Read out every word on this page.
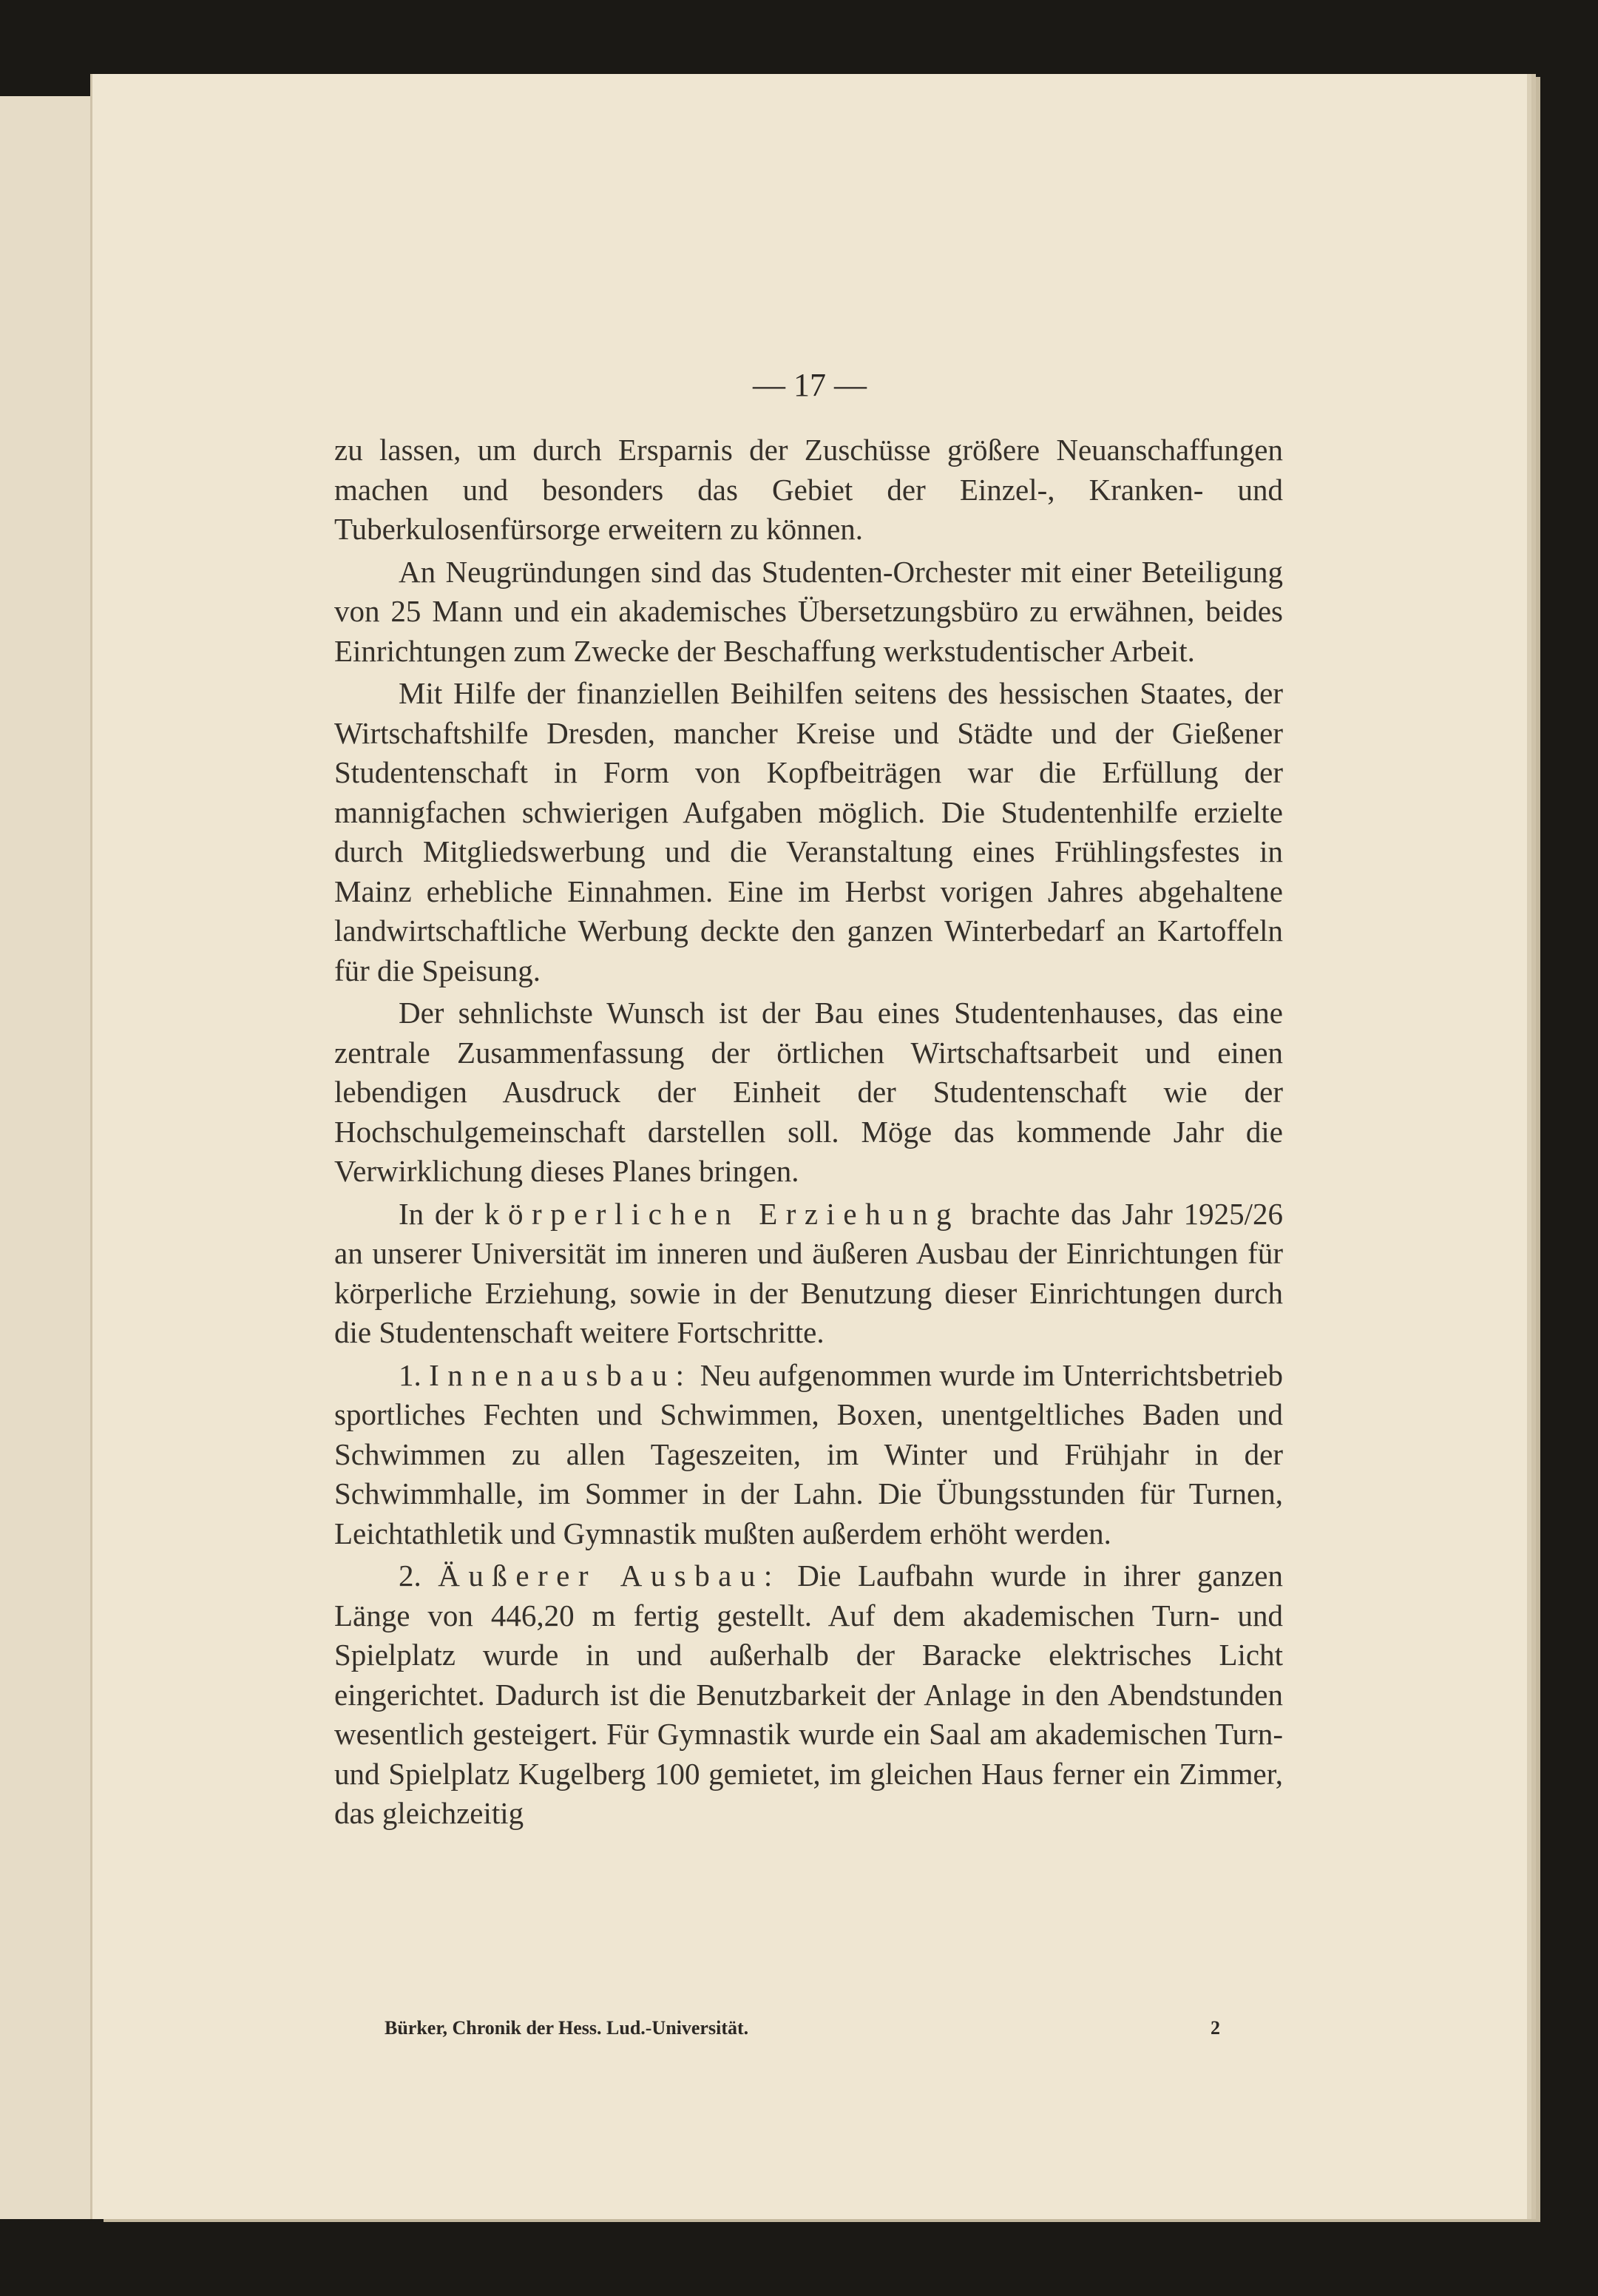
— 17 —

zu lassen, um durch Ersparnis der Zuschüsse größere Neuanschaffungen machen und besonders das Gebiet der Einzel-, Kranken- und Tuberkulosenfürsorge erweitern zu können.

An Neugründungen sind das Studenten-Orchester mit einer Beteiligung von 25 Mann und ein akademisches Übersetzungsbüro zu erwähnen, beides Einrichtungen zum Zwecke der Beschaffung werkstudentischer Arbeit.

Mit Hilfe der finanziellen Beihilfen seitens des hessischen Staates, der Wirtschaftshilfe Dresden, mancher Kreise und Städte und der Gießener Studentenschaft in Form von Kopfbeiträgen war die Erfüllung der mannigfachen schwierigen Aufgaben möglich. Die Studentenhilfe erzielte durch Mitgliedswerbung und die Veranstaltung eines Frühlingsfestes in Mainz erhebliche Einnahmen. Eine im Herbst vorigen Jahres abgehaltene landwirtschaftliche Werbung deckte den ganzen Winterbedarf an Kartoffeln für die Speisung.

Der sehnlichste Wunsch ist der Bau eines Studentenhauses, das eine zentrale Zusammenfassung der örtlichen Wirtschaftsarbeit und einen lebendigen Ausdruck der Einheit der Studentenschaft wie der Hochschulgemeinschaft darstellen soll. Möge das kommende Jahr die Verwirklichung dieses Planes bringen.

In der körperlichen Erziehung brachte das Jahr 1925/26 an unserer Universität im inneren und äußeren Ausbau der Einrichtungen für körperliche Erziehung, sowie in der Benutzung dieser Einrichtungen durch die Studentenschaft weitere Fortschritte.

1. Innenausbau: Neu aufgenommen wurde im Unterrichtsbetrieb sportliches Fechten und Schwimmen, Boxen, unentgeltliches Baden und Schwimmen zu allen Tageszeiten, im Winter und Frühjahr in der Schwimmhalle, im Sommer in der Lahn. Die Übungsstunden für Turnen, Leichtathletik und Gymnastik mußten außerdem erhöht werden.

2. Äußerer Ausbau: Die Laufbahn wurde in ihrer ganzen Länge von 446,20 m fertig gestellt. Auf dem akademischen Turn- und Spielplatz wurde in und außerhalb der Baracke elektrisches Licht eingerichtet. Dadurch ist die Benutzbarkeit der Anlage in den Abendstunden wesentlich gesteigert. Für Gymnastik wurde ein Saal am akademischen Turn- und Spielplatz Kugelberg 100 gemietet, im gleichen Haus ferner ein Zimmer, das gleichzeitig

Bürker, Chronik der Hess. Lud.-Universität.	2
